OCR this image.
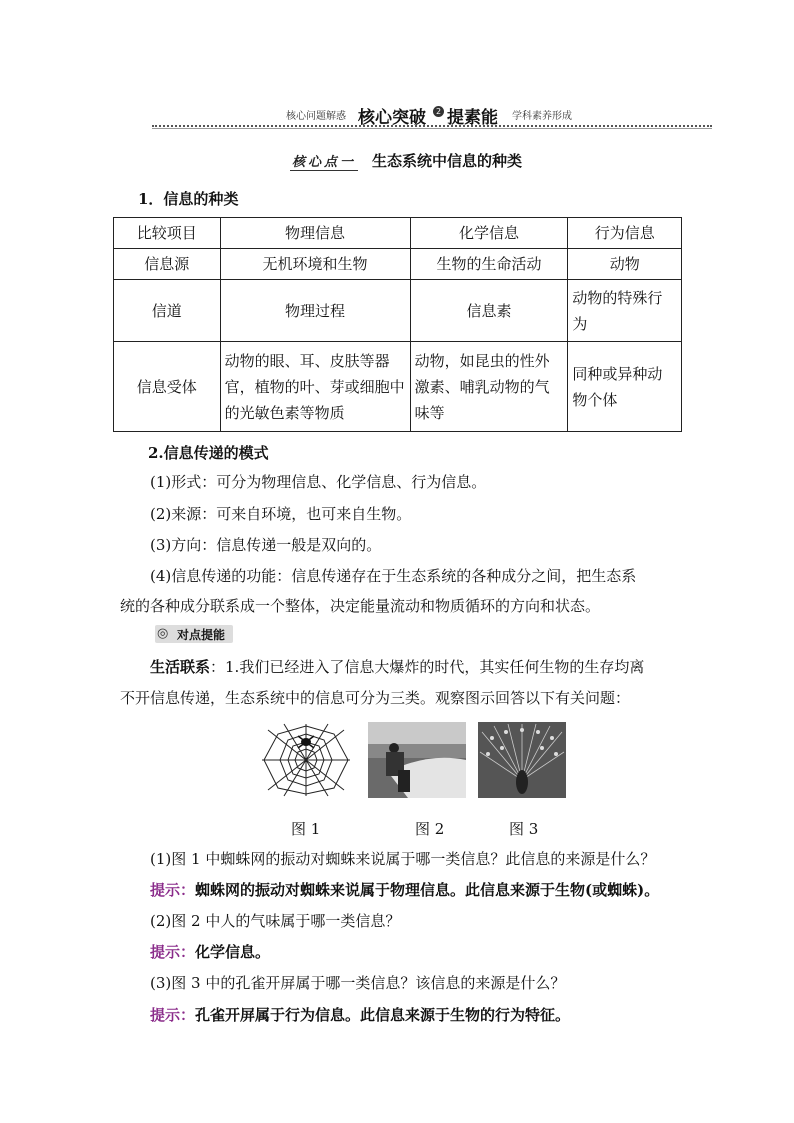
核心问题解惑 核心突破	2 提素能 学科素养形成
核心点一 生态系统中信息的种类
1．信息的种类
比较项目	物理信息	化学信息	行为信息
信息源	无机环境和生物	生物的生命活动	动物
信道	物理过程	信息素	动物的特殊行为
信息受体	动物的眼、耳、皮肤等器官，植物的叶、芽或细胞中的光敏色素等物质	动物，如昆虫的性外激素、哺乳动物的气味等	同种或异种动物个体
2.信息传递的模式
(1)形式：可分为物理信息、化学信息、行为信息。
(2)来源：可来自环境，也可来自生物。
(3)方向：信息传递一般是双向的。
(4)信息传递的功能：信息传递存在于生态系统的各种成分之间，把生态系
统的各种成分联系成一个整体，决定能量流动和物质循环的方向和状态。
◎ 对点提能
生活联系：1.我们已经进入了信息大爆炸的时代，其实任何生物的生存均离
不开信息传递，生态系统中的信息可分为三类。观察图示回答以下有关问题：
图 1	图 2	图 3
(1)图 1 中蜘蛛网的振动对蜘蛛来说属于哪一类信息？此信息的来源是什么？
提示：蜘蛛网的振动对蜘蛛来说属于物理信息。此信息来源于生物(或蜘蛛)。
(2)图 2 中人的气味属于哪一类信息？
提示：化学信息。
(3)图 3 中的孔雀开屏属于哪一类信息？该信息的来源是什么？
提示：孔雀开屏属于行为信息。此信息来源于生物的行为特征。
